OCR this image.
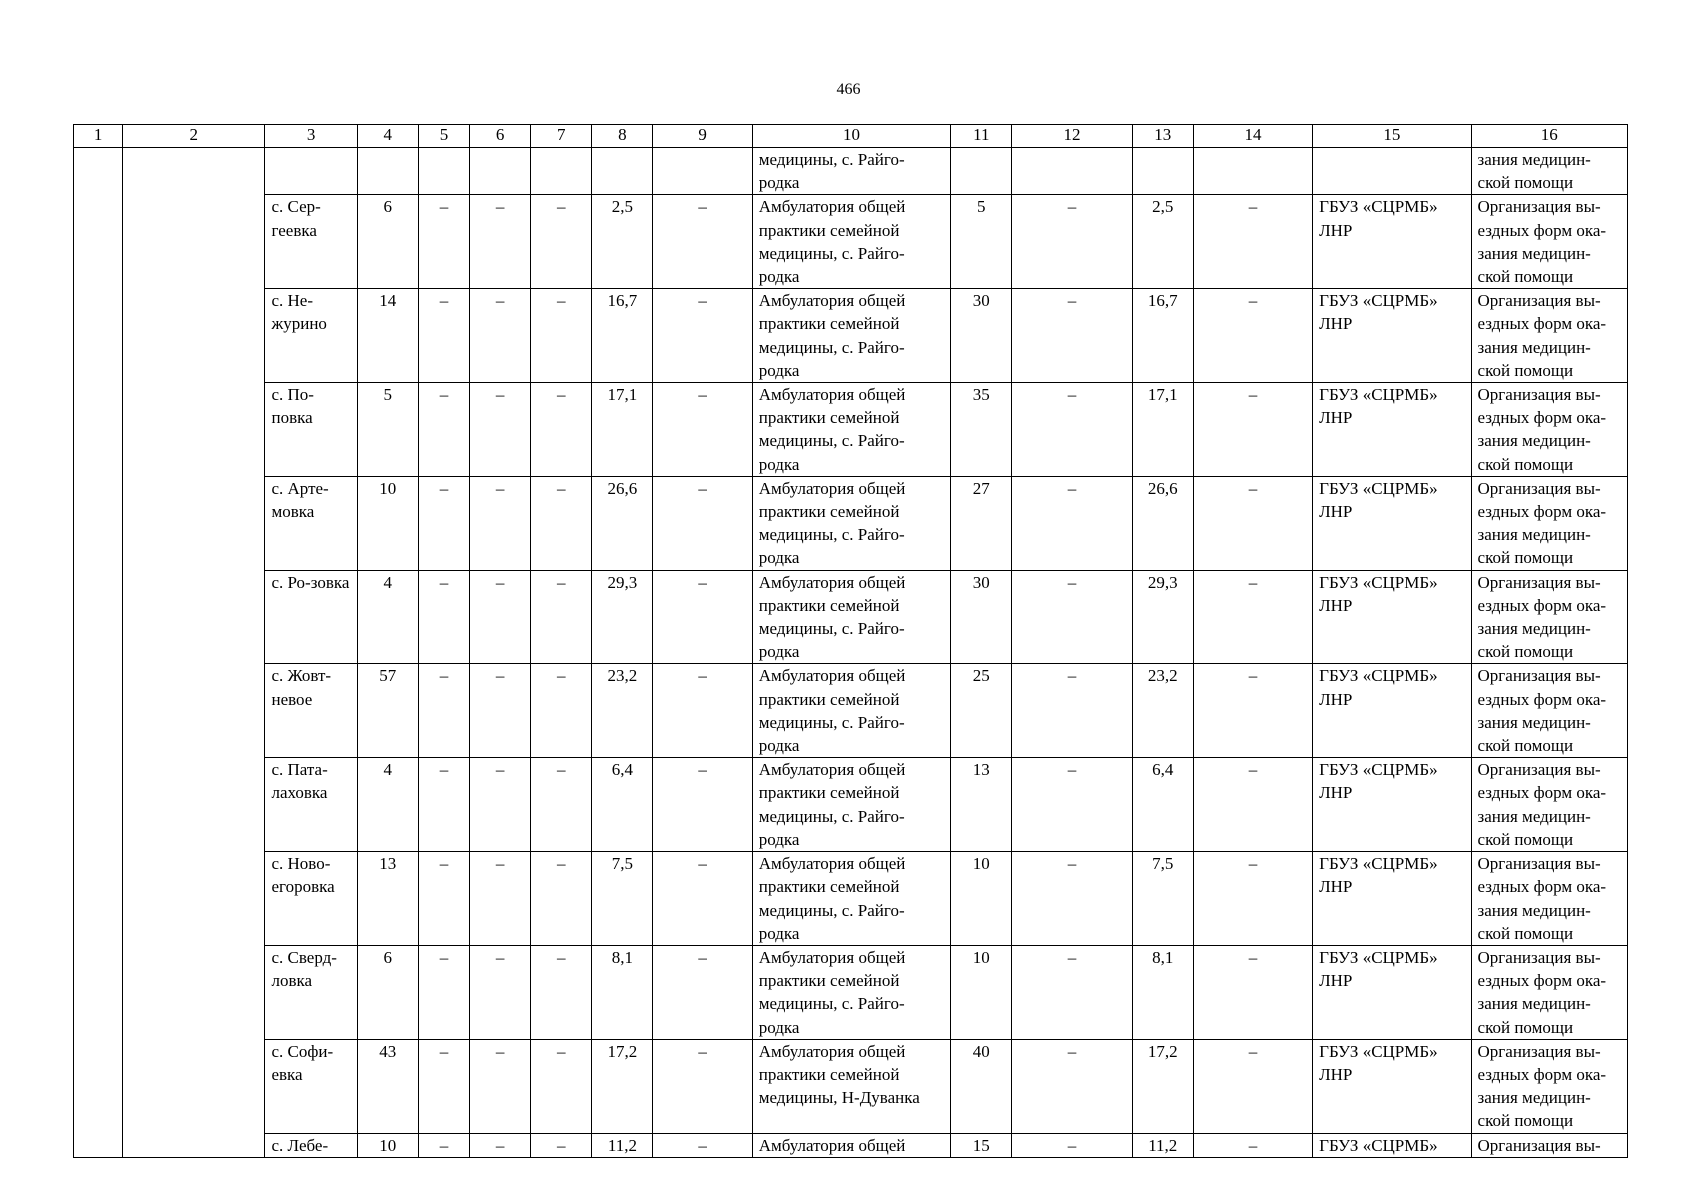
466
1	2	3	4	5	6	7	8	9	10	11	12	13	14	15	16
									медицины, с. Райго-родка						зания медицин-ской помощи
		с. Сер-геевка	6	–	–	–	2,5	–	Амбулатория общей практики семейной медицины, с. Райго-родка	5	–	2,5	–	ГБУЗ «СЦРМБ» ЛНР	Организация вы-ездных форм ока-зания медицин-ской помощи
		с. Не-журино	14	–	–	–	16,7	–	Амбулатория общей практики семейной медицины, с. Райго-родка	30	–	16,7	–	ГБУЗ «СЦРМБ» ЛНР	Организация вы-ездных форм ока-зания медицин-ской помощи
		с. По-повка	5	–	–	–	17,1	–	Амбулатория общей практики семейной медицины, с. Райго-родка	35	–	17,1	–	ГБУЗ «СЦРМБ» ЛНР	Организация вы-ездных форм ока-зания медицин-ской помощи
		с. Арте-мовка	10	–	–	–	26,6	–	Амбулатория общей практики семейной медицины, с. Райго-родка	27	–	26,6	–	ГБУЗ «СЦРМБ» ЛНР	Организация вы-ездных форм ока-зания медицин-ской помощи
		с. Ро-зовка	4	–	–	–	29,3	–	Амбулатория общей практики семейной медицины, с. Райго-родка	30	–	29,3	–	ГБУЗ «СЦРМБ» ЛНР	Организация вы-ездных форм ока-зания медицин-ской помощи
		с. Жовт-невое	57	–	–	–	23,2	–	Амбулатория общей практики семейной медицины, с. Райго-родка	25	–	23,2	–	ГБУЗ «СЦРМБ» ЛНР	Организация вы-ездных форм ока-зания медицин-ской помощи
		с. Пата-лаховка	4	–	–	–	6,4	–	Амбулатория общей практики семейной медицины, с. Райго-родка	13	–	6,4	–	ГБУЗ «СЦРМБ» ЛНР	Организация вы-ездных форм ока-зания медицин-ской помощи
		с. Ново-егоровка	13	–	–	–	7,5	–	Амбулатория общей практики семейной медицины, с. Райго-родка	10	–	7,5	–	ГБУЗ «СЦРМБ» ЛНР	Организация вы-ездных форм ока-зания медицин-ской помощи
		с. Сверд-ловка	6	–	–	–	8,1	–	Амбулатория общей практики семейной медицины, с. Райго-родка	10	–	8,1	–	ГБУЗ «СЦРМБ» ЛНР	Организация вы-ездных форм ока-зания медицин-ской помощи
		с. Софи-евка	43	–	–	–	17,2	–	Амбулатория общей практики семейной медицины, Н-Дуванка	40	–	17,2	–	ГБУЗ «СЦРМБ» ЛНР	Организация вы-ездных форм ока-зания медицин-ской помощи
		с. Лебе-	10	–	–	–	11,2	–	Амбулатория общей	15	–	11,2	–	ГБУЗ «СЦРМБ»	Организация вы-
